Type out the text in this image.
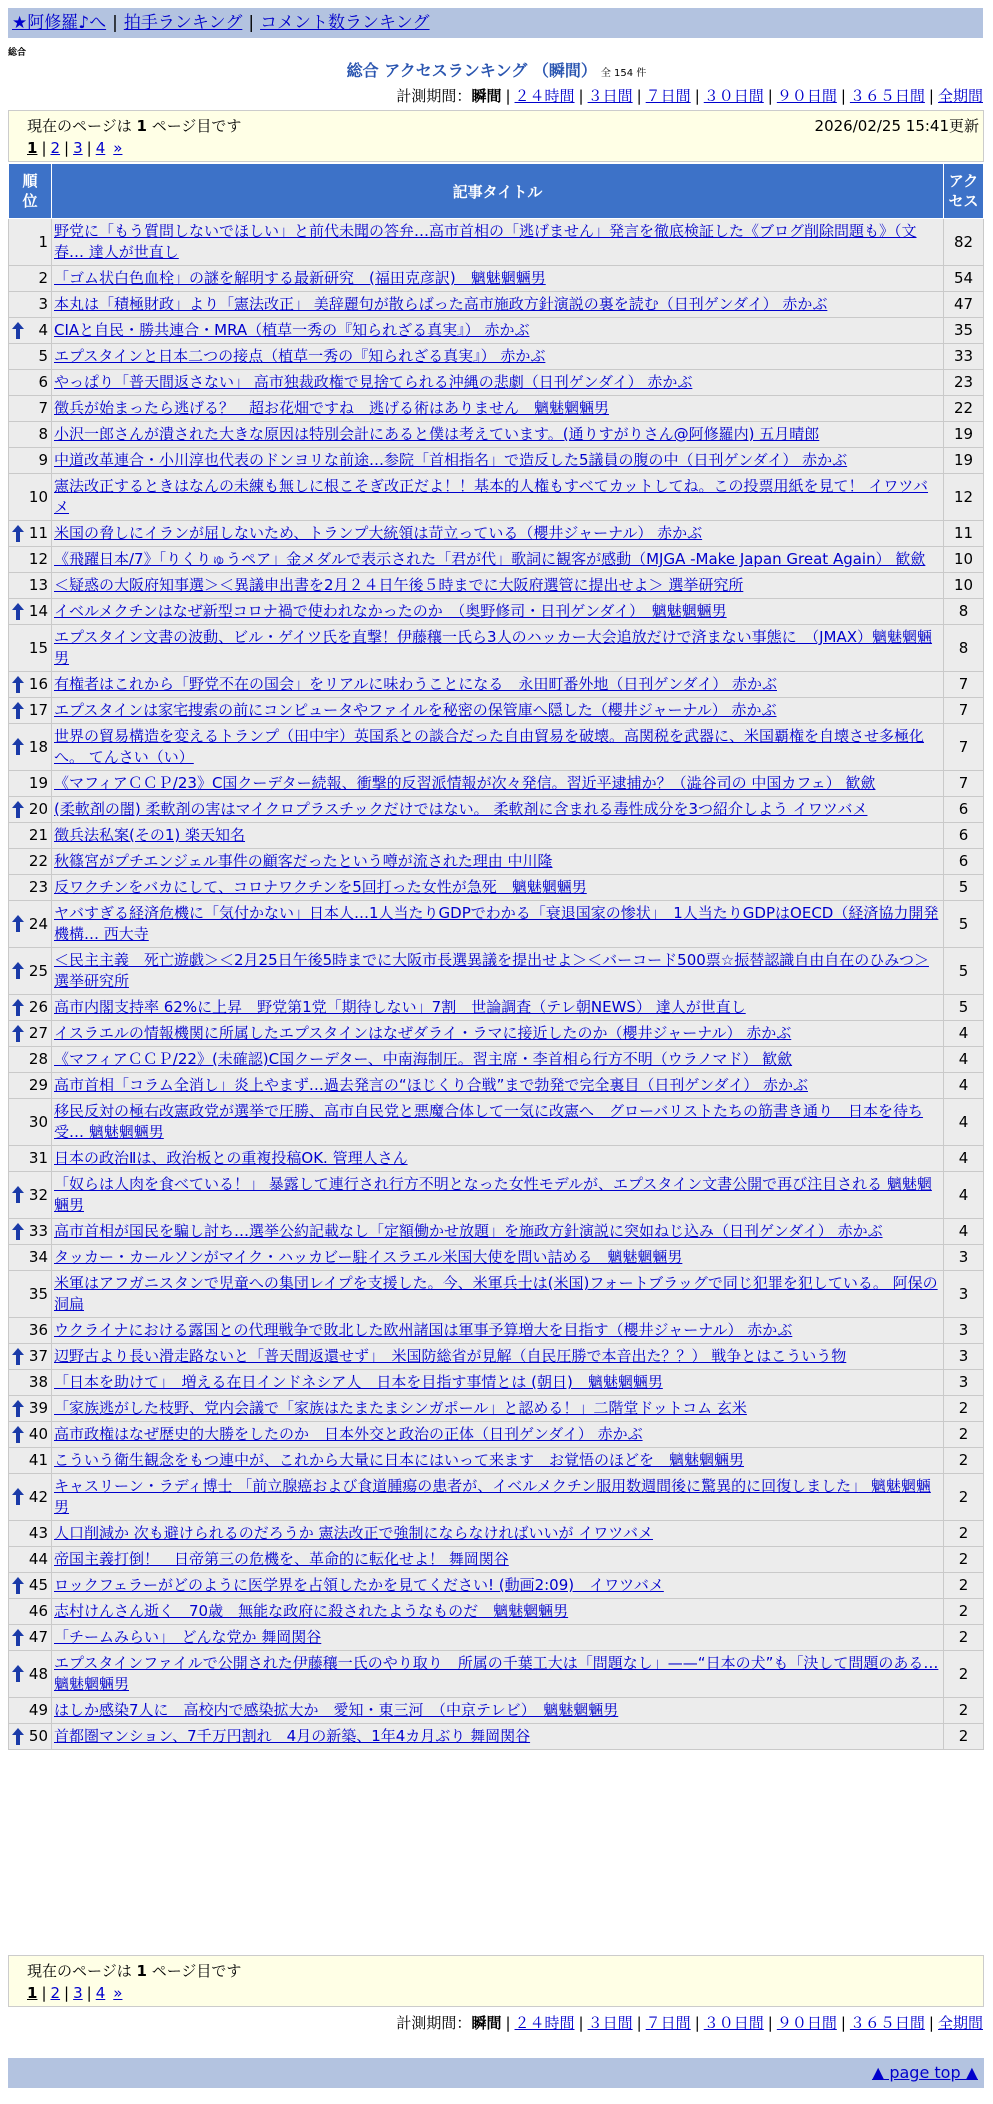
★阿修羅♪へ | 拍手ランキング | コメント数ランキング
総合
総合 アクセスランキング （瞬間） 全 154 件
計測期間：瞬間 | ２４時間 | ３日間 | ７日間 | ３０日間 | ９０日間 | ３６５日間 | 全期間
現在のページは 1 ページ目です	2026/02/25 15:41更新
1 | 2 | 3 | 4 »
順位	記事タイトル	アクセス
1	野党に「もう質問しないでほしい」と前代未聞の答弁…高市首相の「逃げません」発言を徹底検証した《ブログ削除問題も》（文春… 達人が世直し	82
2	「ゴム状白色血栓」の謎を解明する最新研究　(福田克彦訳)　魑魅魍魎男	54
3	本丸は「積極財政」より「憲法改正」 美辞麗句が散らばった高市施政方針演説の裏を読む（日刊ゲンダイ） 赤かぶ	47

4	CIAと自民・勝共連合・MRA（植草一秀の『知られざる真実』） 赤かぶ	35
5	エプスタインと日本二つの接点（植草一秀の『知られざる真実』） 赤かぶ	33
6	やっぱり「普天間返さない」 高市独裁政権で見捨てられる沖縄の悲劇（日刊ゲンダイ） 赤かぶ	23
7	徴兵が始まったら逃げる？　超お花畑ですね　逃げる術はありません　魑魅魍魎男	22
8	小沢一郎さんが潰された大きな原因は特別会計にあると僕は考えています。(通りすがりさん@阿修羅内) 五月晴郎	19
9	中道改革連合・小川淳也代表のドンヨリな前途…参院「首相指名」で造反した5議員の腹の中（日刊ゲンダイ） 赤かぶ	19
10	憲法改正するときはなんの未練も無しに根こそぎ改正だよ！！基本的人権もすべてカットしてね。この投票用紙を見て！ イワツバメ	12

11	米国の脅しにイランが屈しないため、トランプ大統領は苛立っている（櫻井ジャーナル） 赤かぶ	11
12	《飛躍日本/7》「りくりゅうペア」金メダルで表示された「君が代」歌詞に観客が感動（MJGA -Make Japan Great Again） 歓歛	10
13	＜疑惑の大阪府知事選＞＜異議申出書を2月２４日午後５時までに大阪府選管に提出せよ＞ 選挙研究所	10

14	イベルメクチンはなぜ新型コロナ禍で使われなかったのか　（奥野修司・日刊ゲンダイ）　魑魅魍魎男	8
15	エプスタイン文書の波動、ビル・ゲイツ氏を直撃！伊藤穰一氏ら3人のハッカー大会追放だけで済まない事態に　（JMAX）魑魅魍魎男	8

16	有権者はこれから「野党不在の国会」をリアルに味わうことになる　永田町番外地（日刊ゲンダイ） 赤かぶ	7

17	エプスタインは家宅捜索の前にコンピュータやファイルを秘密の保管庫へ隠した（櫻井ジャーナル） 赤かぶ	7

18	世界の貿易構造を変えるトランプ（田中宇）英国系との談合だった自由貿易を破壊。高関税を武器に、米国覇権を自壊させ多極化へ。 てんさい（い）	7
19	《マフィアＣＣＰ/23》C国クーデター続報、衝撃的反習派情報が次々発信。習近平逮捕か？（澁谷司の 中国カフェ） 歓歛	7

20	(柔軟剤の闇) 柔軟剤の害はマイクロプラスチックだけではない。 柔軟剤に含まれる毒性成分を3つ紹介しよう イワツバメ	6
21	徴兵法私案(その1) 楽天知名	6
22	秋篠宮がプチエンジェル事件の顧客だったという噂が流された理由 中川隆	6
23	反ワクチンをバカにして、コロナワクチンを5回打った女性が急死　魑魅魍魎男	5

24	ヤバすぎる経済危機に「気付かない」日本人…1人当たりGDPでわかる「衰退国家の惨状」　1人当たりGDPはOECD（経済協力開発機構… 西大寺	5

25	＜民主主義　死亡遊戯＞＜2月25日午後5時までに大阪市長選異議を提出せよ＞＜バーコード500票☆振替認識自由自在のひみつ＞ 選挙研究所	5

26	高市内閣支持率 62%に上昇　野党第1党「期待しない」7割　世論調査（テレ朝NEWS） 達人が世直し	5

27	イスラエルの情報機関に所属したエプスタインはなぜダライ・ラマに接近したのか（櫻井ジャーナル） 赤かぶ	4
28	《マフィアＣＣＰ/22》(未確認)C国クーデター、中南海制圧。習主席・李首相ら行方不明（ウラノマド） 歓歛	4
29	高市首相「コラム全消し」炎上やまず…過去発言の“ほじくり合戦”まで勃発で完全裏目（日刊ゲンダイ） 赤かぶ	4
30	移民反対の極右改憲政党が選挙で圧勝、高市自民党と悪魔合体して一気に改憲へ　グローバリストたちの筋書き通り　日本を待ち受… 魑魅魍魎男	4
31	日本の政治Ⅱは、政治板との重複投稿OK. 管理人さん	4

32	「奴らは人肉を食べている！」 暴露して連行され行方不明となった女性モデルが、エプスタイン文書公開で再び注目される 魑魅魍魎男	4

33	高市首相が国民を騙し討ち…選挙公約記載なし「定額働かせ放題」を施政方針演説に突如ねじ込み（日刊ゲンダイ） 赤かぶ	4
34	タッカー・カールソンがマイク・ハッカビー駐イスラエル米国大使を問い詰める　魑魅魍魎男	3
35	米軍はアフガニスタンで児童への集団レイプを支援した。今、米軍兵士は(米国)フォートブラッグで同じ犯罪を犯している。 阿保の洞扁	3
36	ウクライナにおける露国との代理戦争で敗北した欧州諸国は軍事予算増大を目指す（櫻井ジャーナル） 赤かぶ	3

37	辺野古より長い滑走路ないと「普天間返還せず」　米国防総省が見解（自民圧勝で本音出た？？） 戦争とはこういう物	3
38	「日本を助けて」　増える在日インドネシア人　日本を目指す事情とは (朝日)　魑魅魍魎男	3

39	「家族逃がした枝野、党内会議で「家族はたまたまシンガポール」と認める！」二階堂ドットコム 玄米	2

40	高市政権はなぜ歴史的大勝をしたのか　日本外交と政治の正体（日刊ゲンダイ） 赤かぶ	2
41	こういう衛生観念をもつ連中が、これから大量に日本にはいって来ます　お覚悟のほどを　魑魅魍魎男	2

42	キャスリーン・ラディ博士 「前立腺癌および食道腫瘍の患者が、イベルメクチン服用数週間後に驚異的に回復しました」 魑魅魍魎男	2
43	人口削減か 次も避けられるのだろうか 憲法改正で強制にならなければいいが イワツバメ	2
44	帝国主義打倒！　日帝第三の危機を、革命的に転化せよ！ 舞岡関谷	2

45	ロックフェラーがどのように医学界を占領したかを見てください! (動画2:09)　イワツバメ	2
46	志村けんさん逝く　70歳　無能な政府に殺されたようなものだ　魑魅魍魎男	2

47	「チームみらい」　どんな党か 舞岡関谷	2

48	エプスタインファイルで公開された伊藤穰一氏のやり取り　所属の千葉工大は「問題なし」——“日本の犬”も「決して問題のある… 魑魅魍魎男	2
49	はしか感染7人に　高校内で感染拡大か　愛知・東三河　（中京テレビ）　魑魅魍魎男	2

50	首都圏マンション、7千万円割れ　4月の新築、1年4カ月ぶり 舞岡関谷	2
現在のページは 1 ページ目です
1 | 2 | 3 | 4 »
計測期間：瞬間 | ２４時間 | ３日間 | ７日間 | ３０日間 | ９０日間 | ３６５日間 | 全期間
▲ page top ▲
